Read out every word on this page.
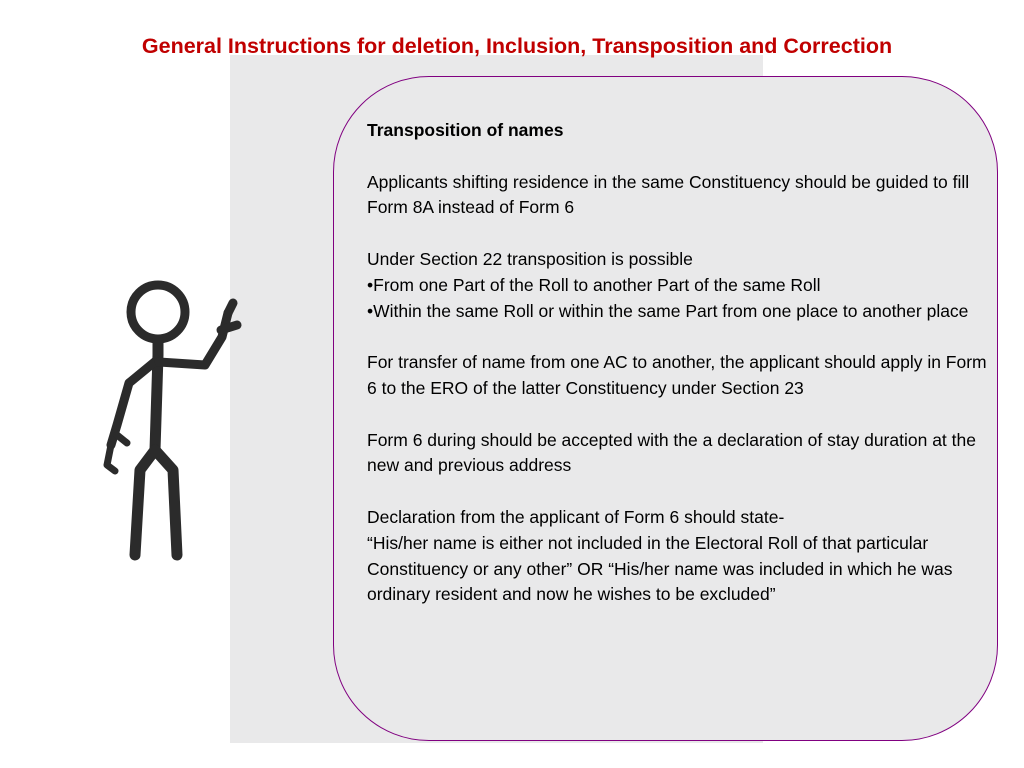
General Instructions for deletion, Inclusion, Transposition and Correction

Transposition of names

Applicants shifting residence in the same Constituency should be guided to fill Form 8A instead of Form 6

Under Section 22 transposition is possible

•From one Part of the Roll to another Part of the same Roll

•Within the same Roll or within the same Part from one place to another place

For transfer of name from one AC to another, the applicant should apply in Form 6 to the ERO of the latter Constituency under Section 23

Form 6 during should be accepted with the a declaration of stay duration at the new and previous address

Declaration from the applicant of Form 6 should state-

“His/her name is either not included in the Electoral Roll of that particular Constituency or any other” OR “His/her name was included in which he was ordinary resident and now he wishes to be excluded”
